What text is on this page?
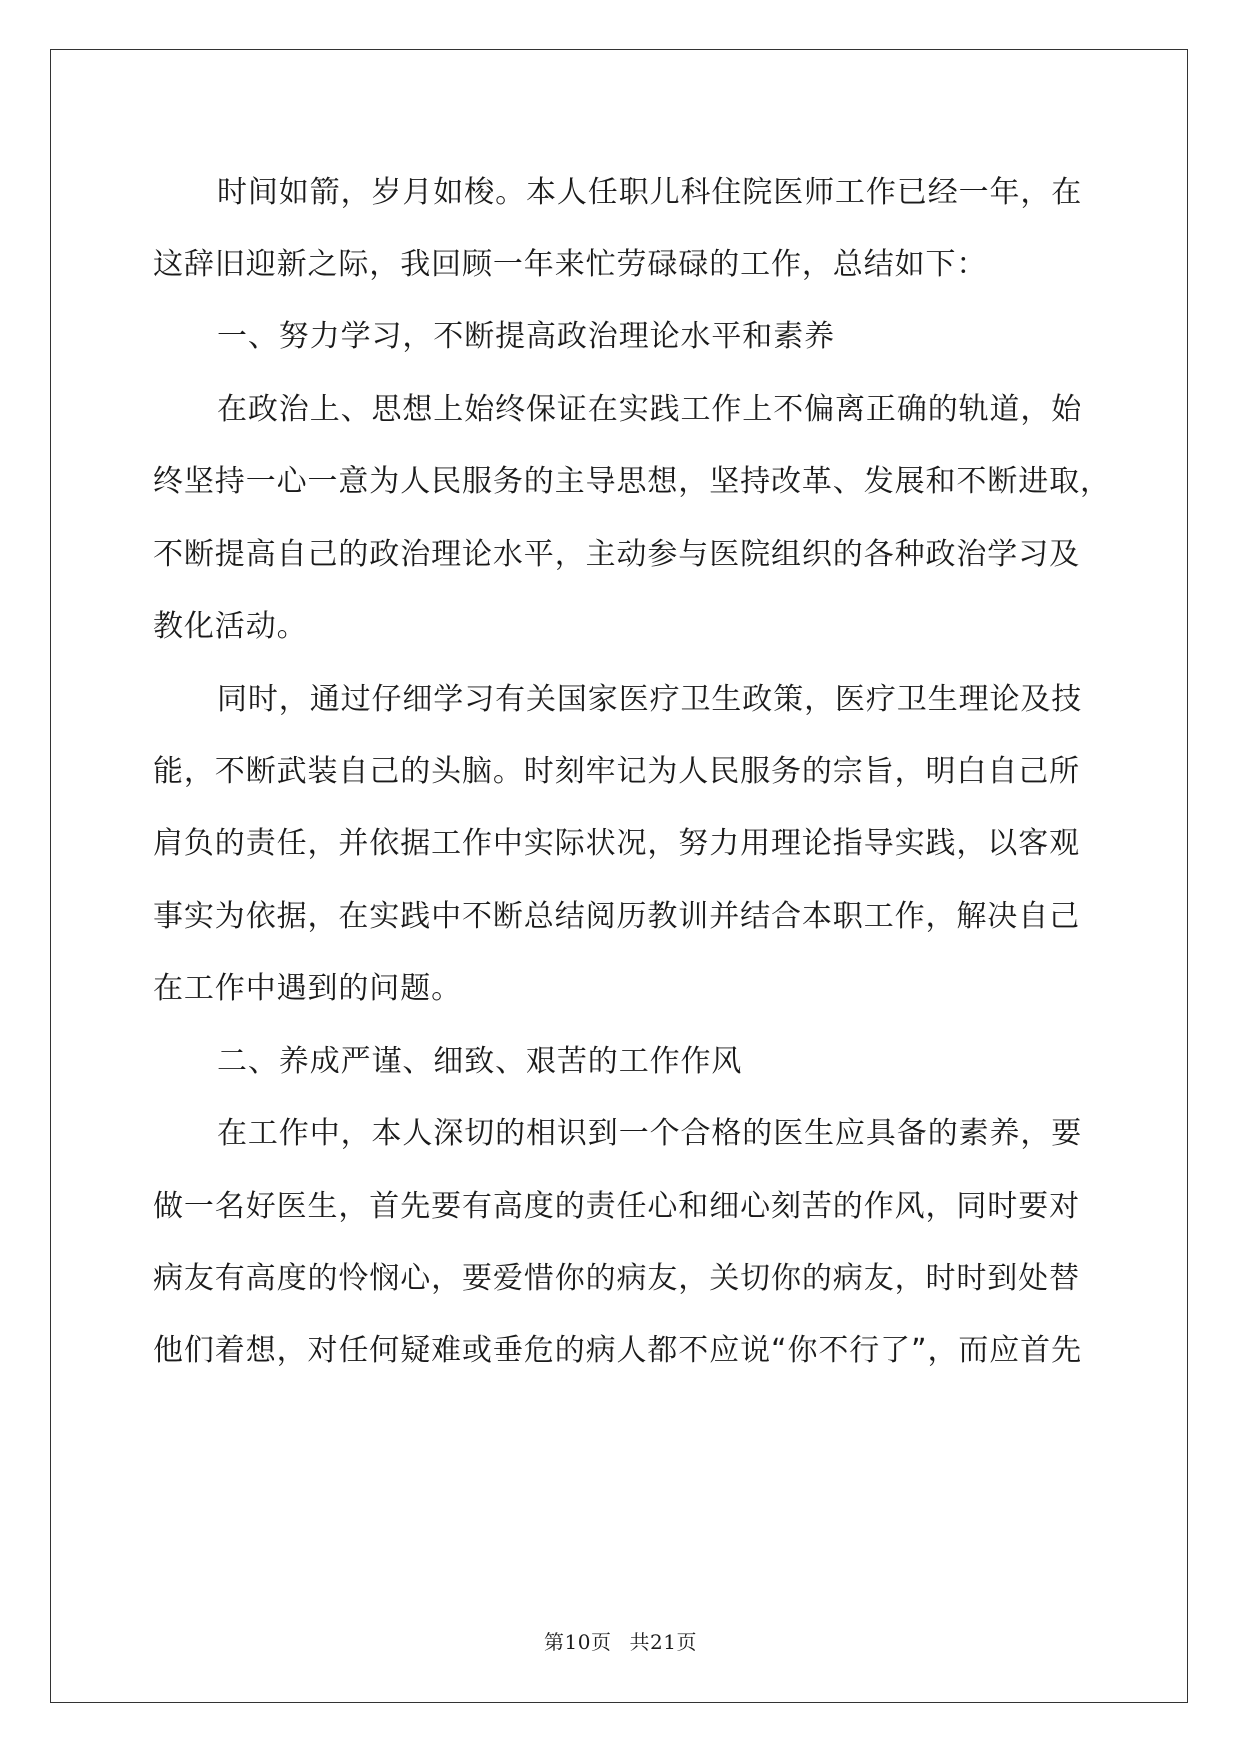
时间如箭，岁月如梭。本人任职儿科住院医师工作已经一年，在
这辞旧迎新之际，我回顾一年来忙劳碌碌的工作，总结如下：
一、努力学习，不断提高政治理论水平和素养
在政治上、思想上始终保证在实践工作上不偏离正确的轨道，始
终坚持一心一意为人民服务的主导思想，坚持改革、发展和不断进取，
不断提高自己的政治理论水平，主动参与医院组织的各种政治学习及
教化活动。
同时，通过仔细学习有关国家医疗卫生政策，医疗卫生理论及技
能，不断武装自己的头脑。时刻牢记为人民服务的宗旨，明白自己所
肩负的责任，并依据工作中实际状况，努力用理论指导实践，以客观
事实为依据，在实践中不断总结阅历教训并结合本职工作，解决自己
在工作中遇到的问题。
二、养成严谨、细致、艰苦的工作作风
在工作中，本人深切的相识到一个合格的医生应具备的素养，要
做一名好医生，首先要有高度的责任心和细心刻苦的作风，同时要对
病友有高度的怜悯心，要爱惜你的病友，关切你的病友，时时到处替
他们着想，对任何疑难或垂危的病人都不应说“你不行了”，而应首先
第10页 共21页
